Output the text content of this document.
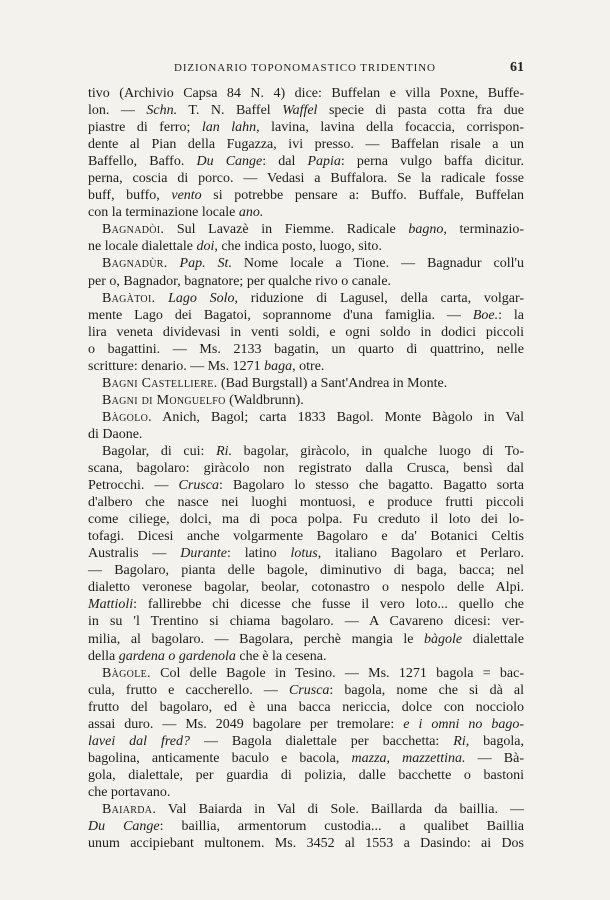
DIZIONARIO TOPONOMASTICO TRIDENTINO	61
tivo (Archivio Capsa 84 N. 4) dice: Buffelan e villa Poxne, Buffe-
lon. — Schn. T. N. Baffel Waffel specie di pasta cotta fra due
piastre di ferro; lan lahn, lavina, lavina della focaccia, corrispon-
dente al Pian della Fugazza, ivi presso. — Baffelan risale a un
Baffello, Baffo. Du Cange: dal Papia: perna vulgo baffa dicitur.
perna, coscia di porco. — Vedasi a Buffalora. Se la radicale fosse
buff, buffo, vento si potrebbe pensare a: Buffo. Buffale, Buffelan
con la terminazione locale ano.
Bagnadòi. Sul Lavazè in Fiemme. Radicale bagno, terminazio-
ne locale dialettale doi, che indica posto, luogo, sito.
Bagnadùr. Pap. St. Nome locale a Tione. — Bagnadur coll'u
per o, Bagnador, bagnatore; per qualche rivo o canale.
Bagàtoi. Lago Solo, riduzione di Lagusel, della carta, volgar-
mente Lago dei Bagatoi, soprannome d'una famiglia. — Boe.: la
lira veneta dividevasi in venti soldi, e ogni soldo in dodici piccoli
o bagattini. — Ms. 2133 bagatin, un quarto di quattrino, nelle
scritture: denario. — Ms. 1271 baga, otre.
Bagni Castelliere. (Bad Burgstall) a Sant'Andrea in Monte.
Bagni di Monguelfo (Waldbrunn).
Bàgolo. Anich, Bagol; carta 1833 Bagol. Monte Bàgolo in Val
di Daone.
Bagolar, di cui: Ri. bagolar, giràcolo, in qualche luogo di To-
scana, bagolaro: giràcolo non registrato dalla Crusca, bensì dal
Petrocchi. — Crusca: Bagolaro lo stesso che bagatto. Bagatto sorta
d'albero che nasce nei luoghi montuosi, e produce frutti piccoli
come ciliege, dolci, ma di poca polpa. Fu creduto il loto dei lo-
tofagi. Dicesi anche volgarmente Bagolaro e da' Botanici Celtis
Australis — Durante: latino lotus, italiano Bagolaro et Perlaro.
— Bagolaro, pianta delle bagole, diminutivo di baga, bacca; nel
dialetto veronese bagolar, beolar, cotonastro o nespolo delle Alpi.
Mattioli: fallirebbe chi dicesse che fusse il vero loto... quello che
in su 'l Trentino si chiama bagolaro. — A Cavareno dicesi: ver-
milia, al bagolaro. — Bagolara, perchè mangia le bàgole dialettale
della gardena o gardenola che è la cesena.
Bàgole. Col delle Bagole in Tesino. — Ms. 1271 bagola = bac-
cula, frutto e caccherello. — Crusca: bagola, nome che si dà al
frutto del bagolaro, ed è una bacca nericcia, dolce con nocciolo
assai duro. — Ms. 2049 bagolare per tremolare: e i omni no bago-
lavei dal fred? — Bagola dialettale per bacchetta: Ri, bagola,
bagolina, anticamente baculo e bacola, mazza, mazzettina. — Bà-
gola, dialettale, per guardia di polizia, dalle bacchette o bastoni
che portavano.
Baiarda. Val Baiarda in Val di Sole. Baillarda da baillia. —
Du Cange: baillia, armentorum custodia... a qualibet Baillia
unum accipiebant multonem. Ms. 3452 al 1553 a Dasindo: ai Dos
